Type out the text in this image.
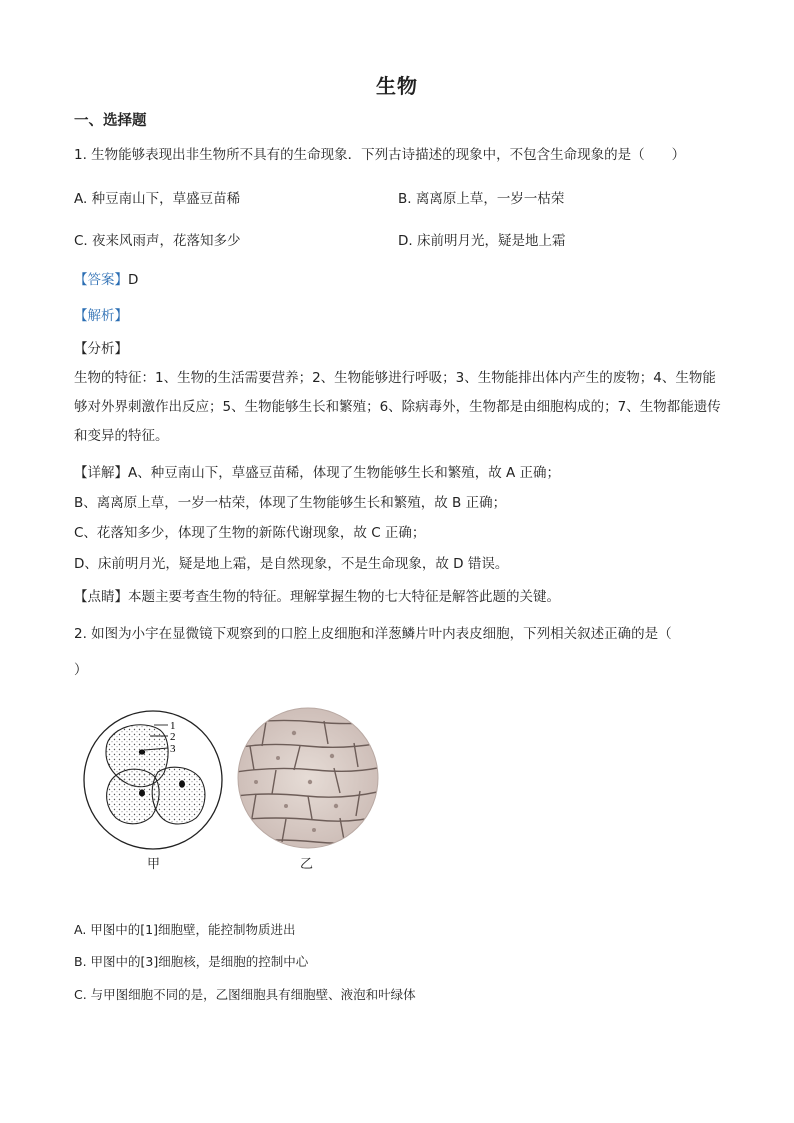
生物
一、选择题
1. 生物能够表现出非生物所不具有的生命现象．下列古诗描述的现象中，不包含生命现象的是（　　）
A. 种豆南山下，草盛豆苗稀	B. 离离原上草，一岁一枯荣
C. 夜来风雨声，花落知多少	D. 床前明月光，疑是地上霜
【答案】D
【解析】
【分析】
生物的特征：1、生物的生活需要营养；2、生物能够进行呼吸；3、生物能排出体内产生的废物；4、生物能够对外界刺激作出反应；5、生物能够生长和繁殖；6、除病毒外，生物都是由细胞构成的；7、生物都能遗传和变异的特征。
【详解】A、种豆南山下，草盛豆苗稀，体现了生物能够生长和繁殖，故 A 正确；
B、离离原上草，一岁一枯荣，体现了生物能够生长和繁殖，故 B 正确；
C、花落知多少，体现了生物的新陈代谢现象，故 C 正确；
D、床前明月光，疑是地上霜，是自然现象，不是生命现象，故 D 错误。
【点睛】本题主要考查生物的特征。理解掌握生物的七大特征是解答此题的关键。
2. 如图为小宇在显微镜下观察到的口腔上皮细胞和洋葱鳞片叶内表皮细胞，下列相关叙述正确的是（
）
1
2
3
甲	乙
A. 甲图中的[1]细胞壁，能控制物质进出
B. 甲图中的[3]细胞核，是细胞的控制中心
C. 与甲图细胞不同的是，乙图细胞具有细胞壁、液泡和叶绿体
